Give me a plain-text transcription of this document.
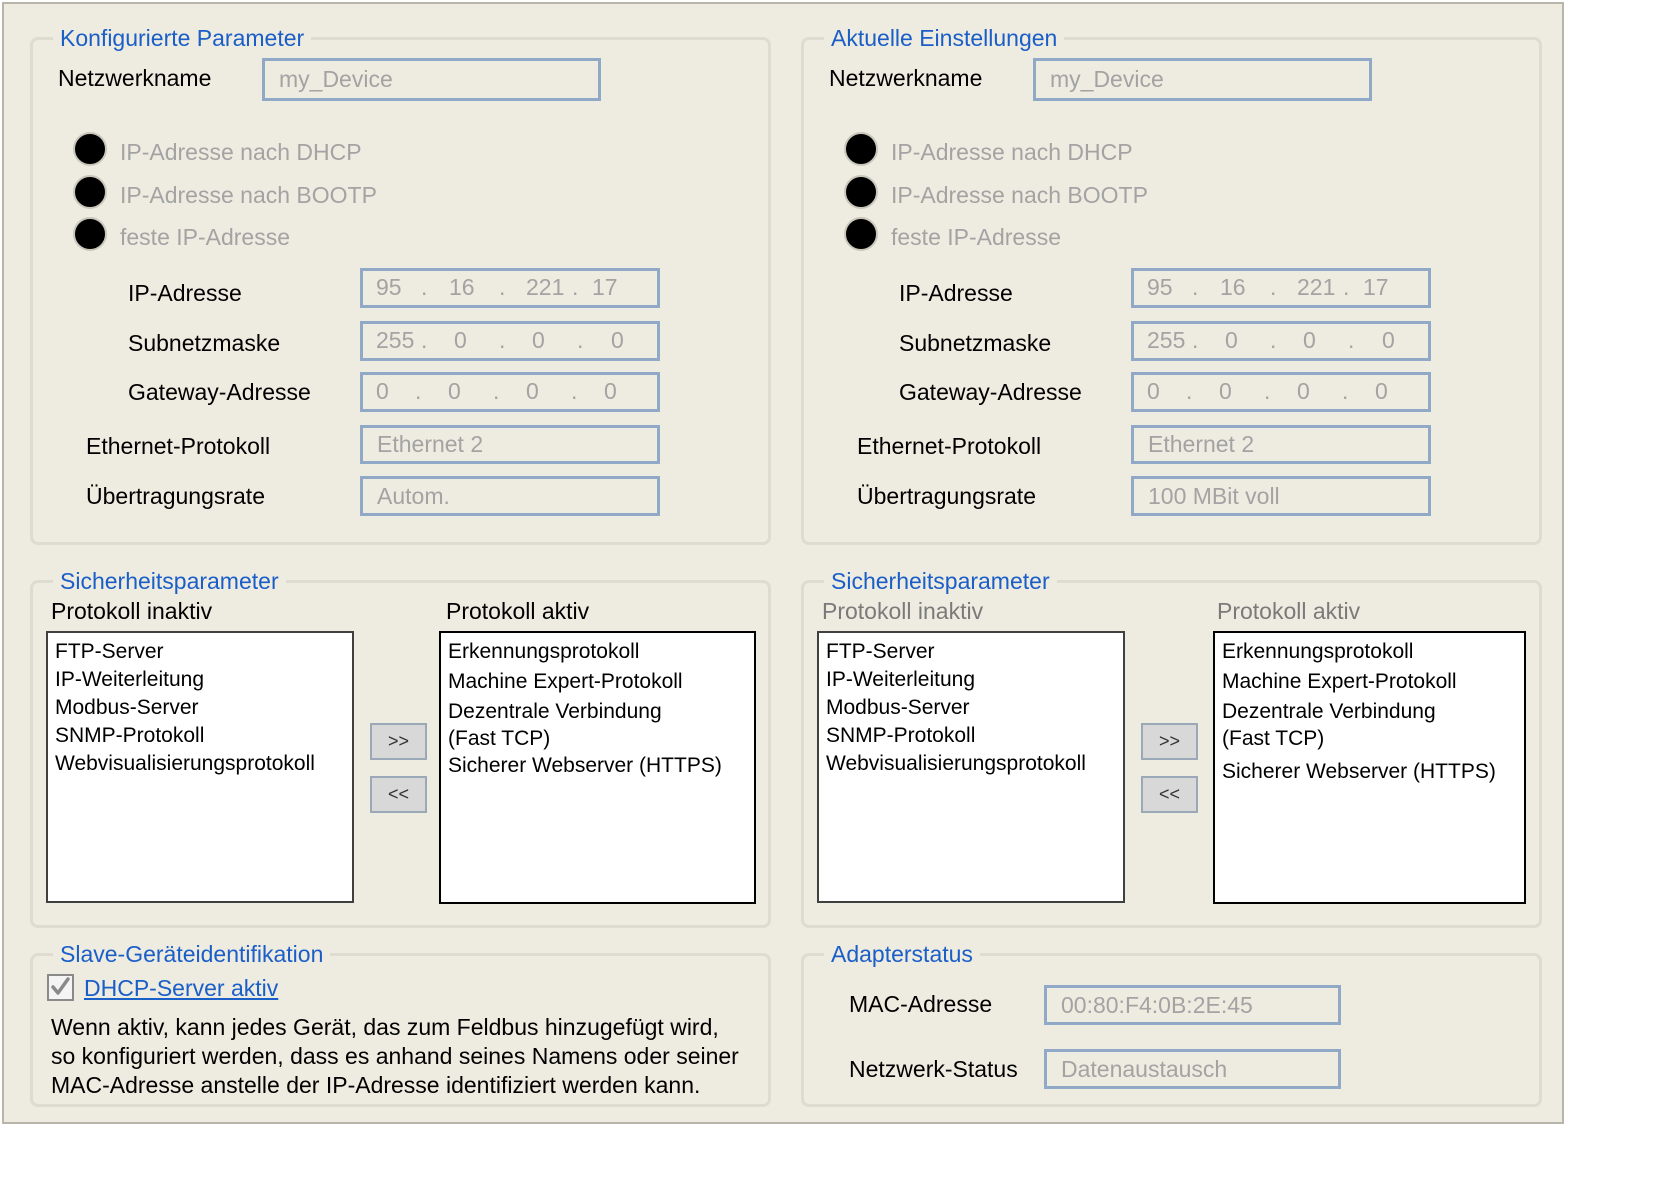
Konfigurierte Parameter
Netzwerkname	my_Device
IP-Adresse nach DHCP
IP-Adresse nach BOOTP
feste IP-Adresse
IP-Adresse	95 . 16 . 221 . 17
Subnetzmaske	255 . 0 . 0 . 0
Gateway-Adresse	0 . 0 . 0 . 0
Ethernet-Protokoll	Ethernet 2
Übertragungsrate	Autom.
Aktuelle Einstellungen
Netzwerkname	my_Device
IP-Adresse nach DHCP
IP-Adresse nach BOOTP
feste IP-Adresse
IP-Adresse	95 . 16 . 221 . 17
Subnetzmaske	255 . 0 . 0 . 0
Gateway-Adresse	0 . 0 . 0 . 0
Ethernet-Protokoll	Ethernet 2
Übertragungsrate	100 MBit voll
Sicherheitsparameter
Protokoll inaktiv	Protokoll aktiv
FTP-Server
IP-Weiterleitung
Modbus-Server
SNMP-Protokoll
Webvisualisierungsprotokoll
>>
<<
Erkennungsprotokoll
Machine Expert-Protokoll
Dezentrale Verbindung
(Fast TCP)
Sicherer Webserver (HTTPS)
Sicherheitsparameter
Protokoll inaktiv	Protokoll aktiv
FTP-Server
IP-Weiterleitung
Modbus-Server
SNMP-Protokoll
Webvisualisierungsprotokoll
>>
<<
Erkennungsprotokoll
Machine Expert-Protokoll
Dezentrale Verbindung
(Fast TCP)
Sicherer Webserver (HTTPS)
Slave-Geräteidentifikation
DHCP-Server aktiv
Wenn aktiv, kann jedes Gerät, das zum Feldbus hinzugefügt wird,
so konfiguriert werden, dass es anhand seines Namens oder seiner
MAC-Adresse anstelle der IP-Adresse identifiziert werden kann.
Adapterstatus
MAC-Adresse	00:80:F4:0B:2E:45
Netzwerk-Status	Datenaustausch
